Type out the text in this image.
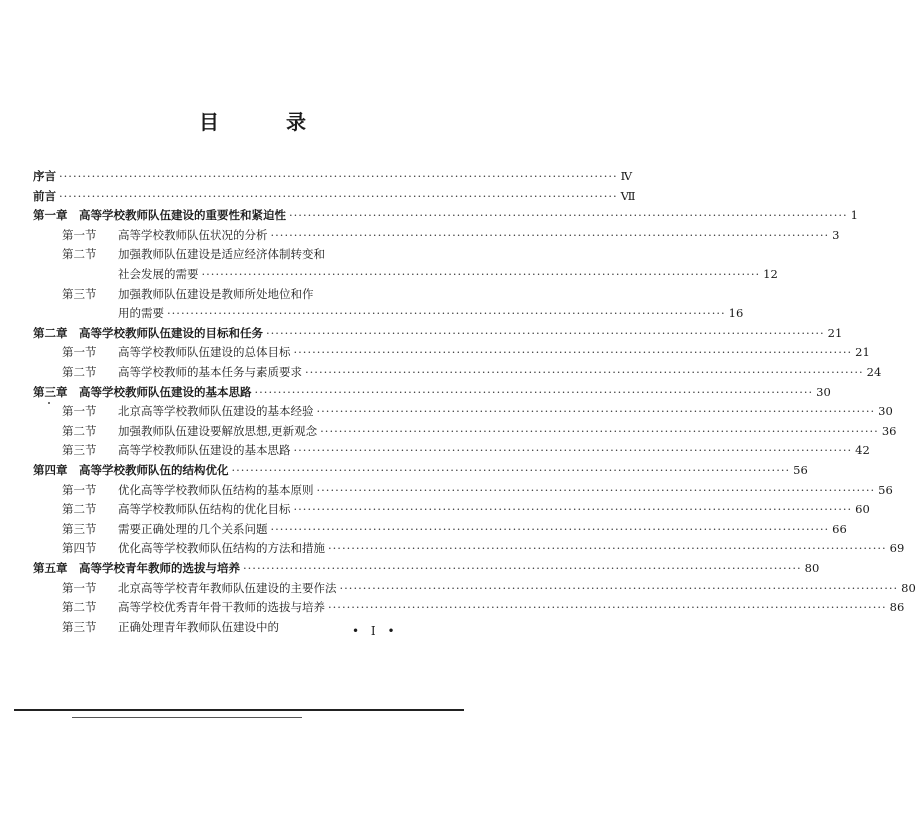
目 录
序言 ························································································································ Ⅳ
前言 ························································································································ Ⅶ
第一章　高等学校教师队伍建设的重要性和紧迫性 ························································································································ 1
第一节 高等学校教师队伍状况的分析 ························································································································ 3
第二节 加强教师队伍建设是适应经济体制转变和
社会发展的需要 ························································································································ 12
第三节 加强教师队伍建设是教师所处地位和作
用的需要 ························································································································ 16
第二章　高等学校教师队伍建设的目标和任务 ························································································································ 21
第一节 高等学校教师队伍建设的总体目标 ························································································································ 21
第二节 高等学校教师的基本任务与素质要求 ························································································································ 24
第三章　高等学校教师队伍建设的基本思路 ························································································································ 30
第一节 北京高等学校教师队伍建设的基本经验 ························································································································ 30
第二节 加强教师队伍建设要解放思想,更新观念 ························································································································ 36
第三节 高等学校教师队伍建设的基本思路 ························································································································ 42
第四章　高等学校教师队伍的结构优化 ························································································································ 56
第一节 优化高等学校教师队伍结构的基本原则 ························································································································ 56
第二节 高等学校教师队伍结构的优化目标 ························································································································ 60
第三节 需要正确处理的几个关系问题 ························································································································ 66
第四节 优化高等学校教师队伍结构的方法和措施 ························································································································ 69
第五章　高等学校青年教师的选拔与培养 ························································································································ 80
第一节 北京高等学校青年教师队伍建设的主要作法 ························································································································ 80
第二节 高等学校优秀青年骨干教师的选拔与培养 ························································································································ 86
第三节 正确处理青年教师队伍建设中的	• Ⅰ •
